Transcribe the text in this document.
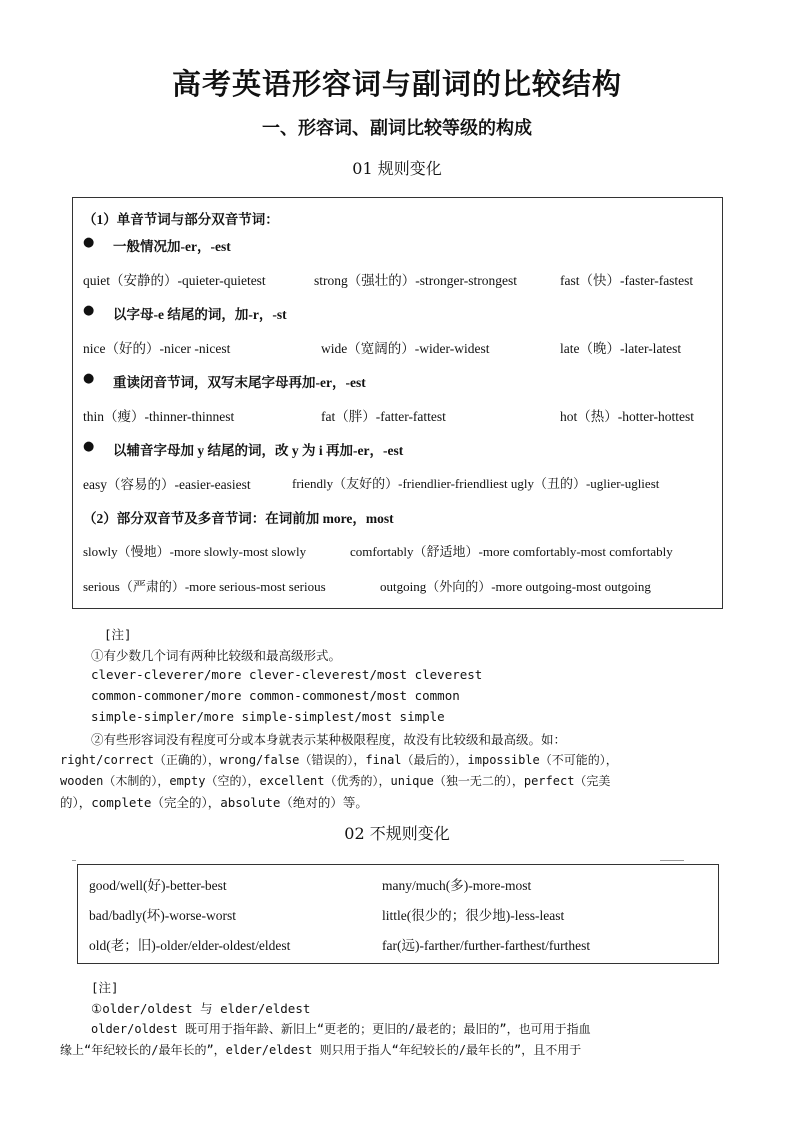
高考英语形容词与副词的比较结构
一、形容词、副词比较等级的构成
01 规则变化
（1）单音节词与部分双音节词：
● 一般情况加-er，-est
quiet（安静的）-quieter-quietest	strong（强壮的）-stronger-strongest	fast（快）-faster-fastest
● 以字母-e 结尾的词，加-r，-st
nice（好的）-nicer -nicest	wide（宽阔的）-wider-widest	late（晚）-later-latest
● 重读闭音节词，双写末尾字母再加-er，-est
thin（瘦）-thinner-thinnest	fat（胖）-fatter-fattest	hot（热）-hotter-hottest
● 以辅音字母加 y 结尾的词，改 y 为 i 再加-er，-est
easy（容易的）-easier-easiest	friendly（友好的）-friendlier-friendliest ugly（丑的）-uglier-ugliest
（2）部分双音节及多音节词：在词前加 more，most
slowly（慢地）-more slowly-most slowly	comfortably（舒适地）-more comfortably-most comfortably
serious（严肃的）-more serious-most serious	outgoing（外向的）-more outgoing-most outgoing
[注]
①有少数几个词有两种比较级和最高级形式。
clever-cleverer/more clever-cleverest/most cleverest
common-commoner/more common-commonest/most common
simple-simpler/more simple-simplest/most simple
②有些形容词没有程度可分或本身就表示某种极限程度，故没有比较级和最高级。如：
right/correct（正确的），wrong/false（错误的），final（最后的），impossible（不可能的），
wooden（木制的），empty（空的），excellent（优秀的），unique（独一无二的），perfect（完美
的），complete（完全的），absolute（绝对的）等。
02 不规则变化
good/well(好)-better-best	many/much(多)-more-most
bad/badly(坏)-worse-worst	little(很少的；很少地)-less-least
old(老；旧)-older/elder-oldest/eldest	far(远)-farther/further-farthest/furthest
[注]
①older/oldest 与 elder/eldest
older/oldest 既可用于指年龄、新旧上“更老的；更旧的/最老的；最旧的”，也可用于指血
缘上“年纪较长的/最年长的”，elder/eldest 则只用于指人“年纪较长的/最年长的”，且不用于
